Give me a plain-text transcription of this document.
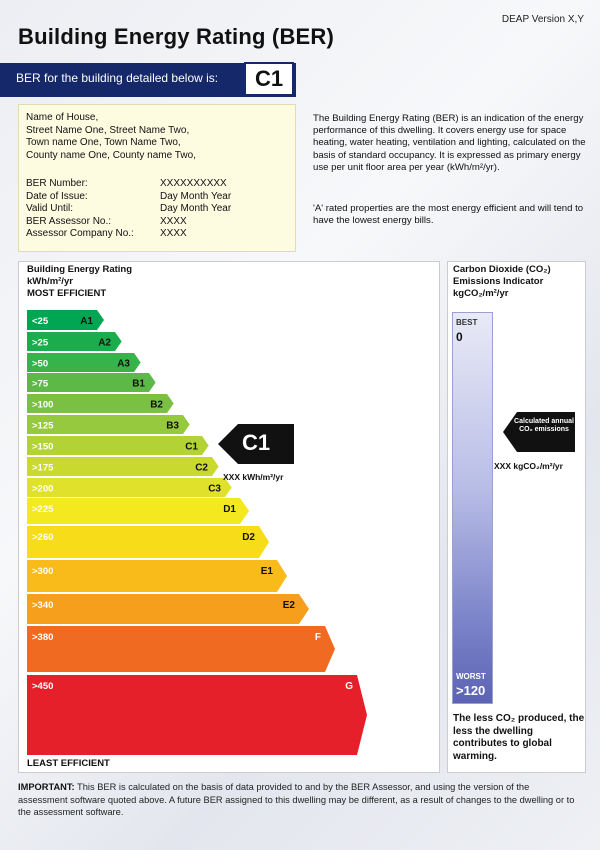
DEAP Version X,Y
Building Energy Rating (BER)
BER for the building detailed below is:	C1
Name of House,
Street Name One, Street Name Two,
Town name One, Town Name Two,
County name One, County name Two,
BER Number:	XXXXXXXXXX
Date of Issue:	Day Month Year
Valid Until:	Day Month Year
BER Assessor No.:	XXXX
Assessor Company No.:	XXXX
The Building Energy Rating (BER) is an indication of the energy performance of this dwelling. It covers energy use for space heating, water heating, ventilation and lighting, calculated on the basis of standard occupancy. It is expressed as primary energy use per unit floor area per year (kWh/m²/yr).
'A' rated properties are the most energy efficient and will tend to have the lowest energy bills.
Building Energy Rating
kWh/m²/yr
MOST EFFICIENT
<25	A1
>25	A2
>50	A3
>75	B1
>100	B2
>125	B3
>150	C1
>175	C2
>200	C3
>225	D1
>260	D2
>300	E1
>340	E2
>380	F
>450	G
LEAST EFFICIENT
C1
XXX kWh/m²/yr
Carbon Dioxide (CO₂)
Emissions Indicator
kgCO₂/m²/yr
BEST
0
WORST
>120
Calculated annual CO₂ emissions
XXX kgCO₂/m²/yr
The less CO₂ produced, the less the dwelling contributes to global warming.
IMPORTANT: This BER is calculated on the basis of data provided to and by the BER Assessor, and using the version of the assessment software quoted above. A future BER assigned to this dwelling may be different, as a result of changes to the dwelling or to the assessment software.
